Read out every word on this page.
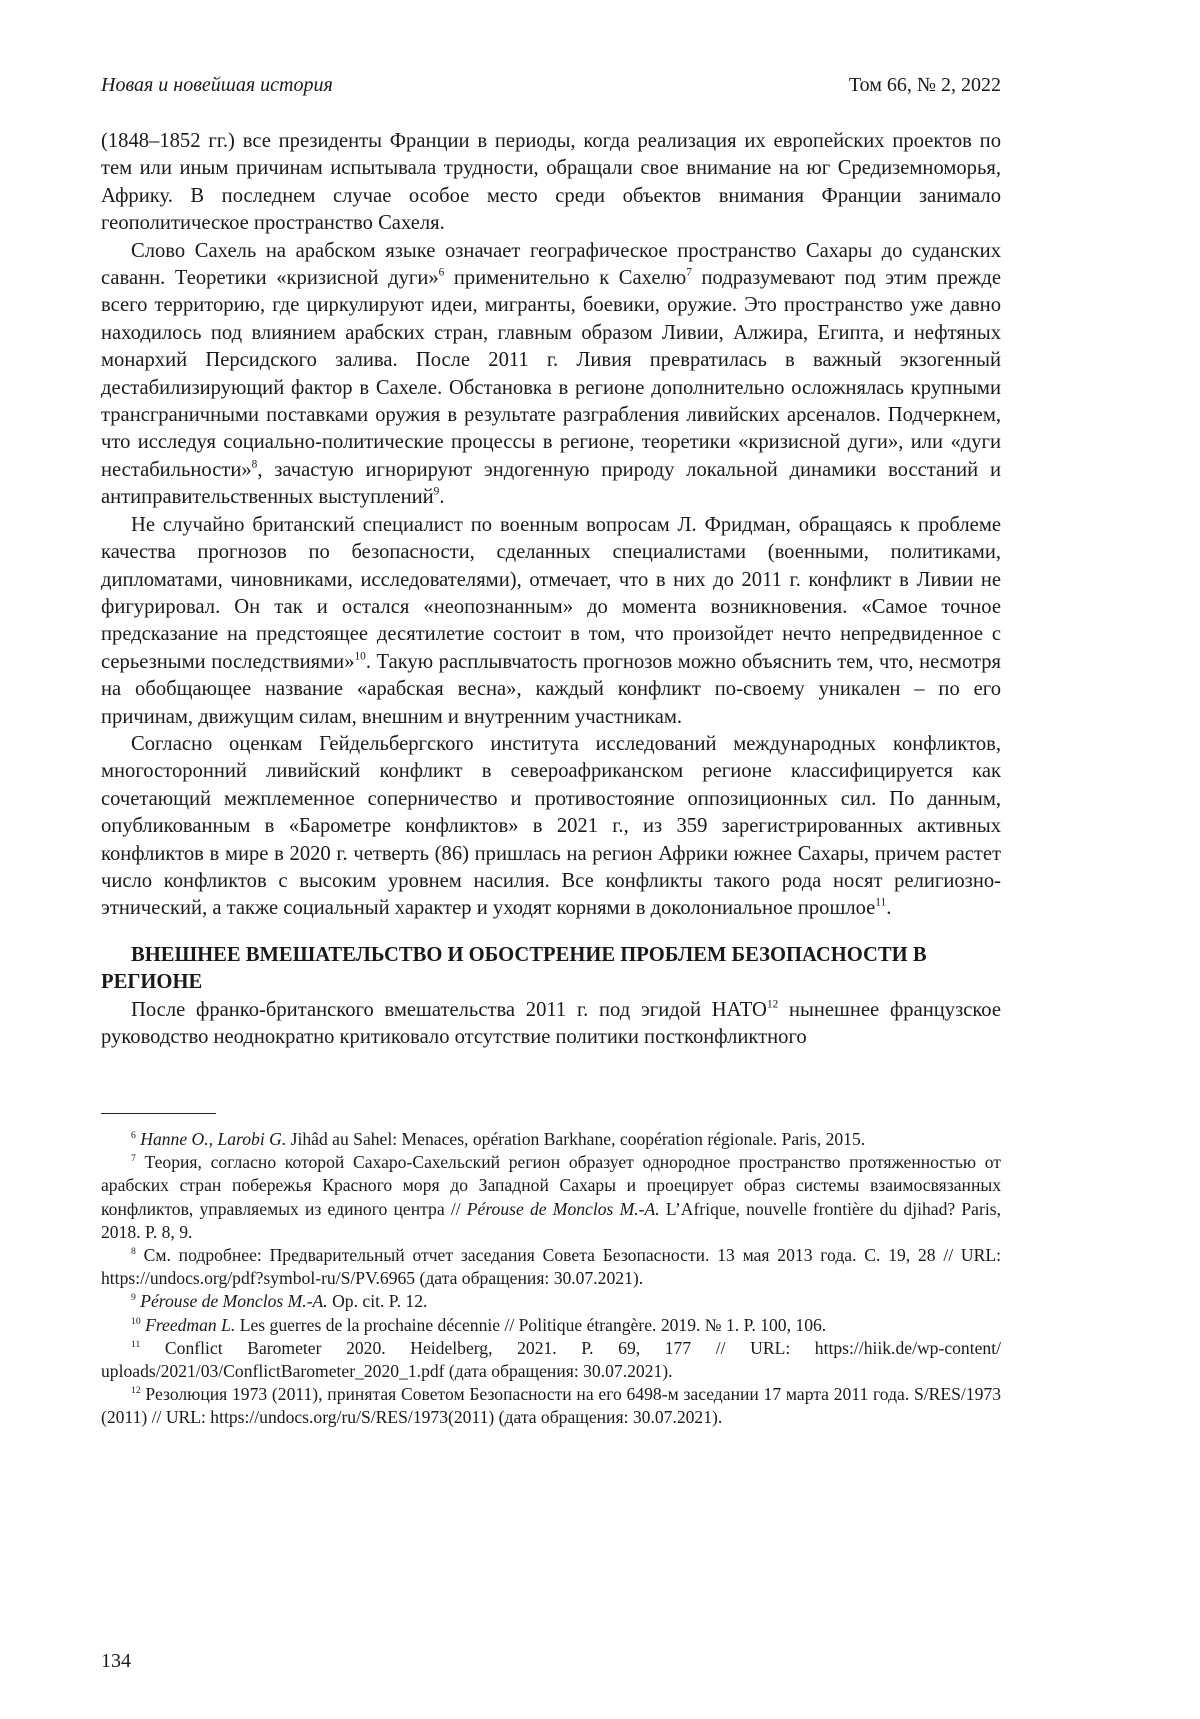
Новая и новейшая история	Том 66, № 2, 2022

(1848–1852 гг.) все президенты Франции в периоды, когда реализация их европейских проектов по тем или иным причинам испытывала трудности, обращали свое внимание на юг Средиземноморья, Африку. В последнем случае особое место среди объектов внимания Франции занимало геополитическое пространство Сахеля.

Слово Сахель на арабском языке означает географическое пространство Сахары до суданских саванн. Теоретики «кризисной дуги»6 применительно к Сахелю7 подразумевают под этим прежде всего территорию, где циркулируют идеи, мигранты, боевики, оружие. Это пространство уже давно находилось под влиянием арабских стран, главным образом Ливии, Алжира, Египта, и нефтяных монархий Персидского залива. После 2011 г. Ливия превратилась в важный экзогенный дестабилизирующий фактор в Сахеле. Обстановка в регионе дополнительно осложнялась крупными трансграничными поставками оружия в результате разграбления ливийских арсеналов. Подчеркнем, что исследуя социально-политические процессы в регионе, теоретики «кризисной дуги», или «дуги нестабильности»8, зачастую игнорируют эндогенную природу локальной динамики восстаний и антиправительственных выступлений9.

Не случайно британский специалист по военным вопросам Л. Фридман, обращаясь к проблеме качества прогнозов по безопасности, сделанных специалистами (военными, политиками, дипломатами, чиновниками, исследователями), отмечает, что в них до 2011 г. конфликт в Ливии не фигурировал. Он так и остался «неопознанным» до момента возникновения. «Самое точное предсказание на предстоящее десятилетие состоит в том, что произойдет нечто непредвиденное с серьезными последствиями»10. Такую расплывчатость прогнозов можно объяснить тем, что, несмотря на обобщающее название «арабская весна», каждый конфликт по-своему уникален – по его причинам, движущим силам, внешним и внутренним участникам.

Согласно оценкам Гейдельбергского института исследований международных конфликтов, многосторонний ливийский конфликт в североафриканском регионе классифицируется как сочетающий межплеменное соперничество и противостояние оппозиционных сил. По данным, опубликованным в «Барометре конфликтов» в 2021 г., из 359 зарегистрированных активных конфликтов в мире в 2020 г. четверть (86) пришлась на регион Африки южнее Сахары, причем растет число конфликтов с высоким уровнем насилия. Все конфликты такого рода носят религиозно-этнический, а также социальный характер и уходят корнями в доколониальное прошлое11.

ВНЕШНЕЕ ВМЕШАТЕЛЬСТВО И ОБОСТРЕНИЕ ПРОБЛЕМ БЕЗОПАСНОСТИ В РЕГИОНЕ

После франко-британского вмешательства 2011 г. под эгидой НАТО12 нынешнее французское руководство неоднократно критиковало отсутствие политики постконфликтного

6 Hanne O., Larobi G. Jihâd au Sahel: Menaces, opération Barkhane, coopération régionale. Paris, 2015.

7 Теория, согласно которой Сахаро-Сахельский регион образует однородное пространство протяженностью от арабских стран побережья Красного моря до Западной Сахары и проецирует образ системы взаимосвязанных конфликтов, управляемых из единого центра // Pérouse de Monclos M.-A. L’Afrique, nouvelle frontière du djihad? Paris, 2018. P. 8, 9.

8 См. подробнее: Предварительный отчет заседания Совета Безопасности. 13 мая 2013 года. С. 19, 28 // URL: https://undocs.org/pdf?symbol-ru/S/PV.6965 (дата обращения: 30.07.2021).

9 Pérouse de Monclos M.-A. Op. cit. P. 12.

10 Freedman L. Les guerres de la prochaine décennie // Politique étrangère. 2019. № 1. P. 100, 106.

11 Conflict Barometer 2020. Heidelberg, 2021. P. 69, 177 // URL: https://hiik.de/wp-content/ uploads/2021/03/ConflictBarometer_2020_1.pdf (дата обращения: 30.07.2021).

12 Резолюция 1973 (2011), принятая Советом Безопасности на его 6498-м заседании 17 марта 2011 года. S/RES/1973 (2011) // URL: https://undocs.org/ru/S/RES/1973(2011) (дата обращения: 30.07.2021).

134
